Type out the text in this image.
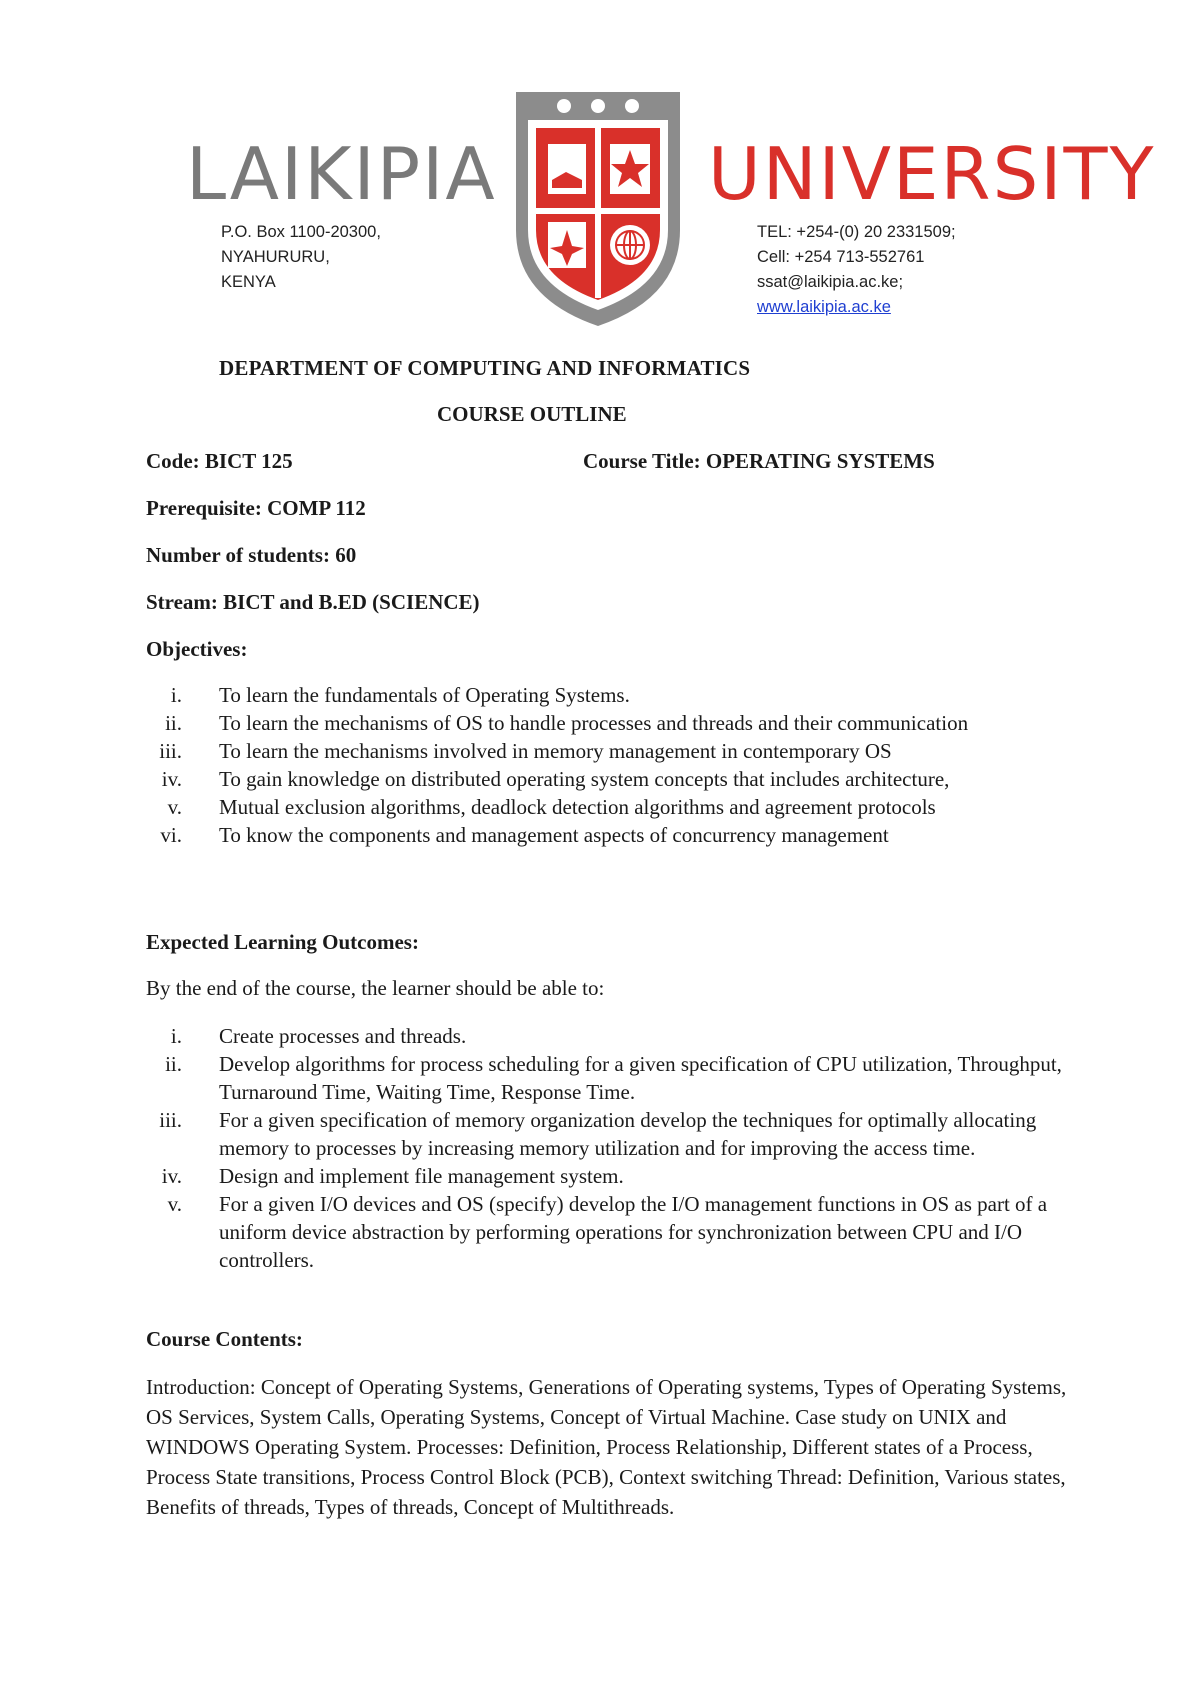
LAIKIPIA	UNIVERSITY
P.O. Box 1100-20300,
NYAHURURU,
KENYA
TEL: +254-(0) 20 2331509;
Cell: +254 713-552761
ssat@laikipia.ac.ke;
www.laikipia.ac.ke
DEPARTMENT OF COMPUTING AND INFORMATICS
COURSE OUTLINE
Code: BICT 125	Course Title: OPERATING SYSTEMS
Prerequisite: COMP 112
Number of students: 60
Stream: BICT and B.ED (SCIENCE)
Objectives:
i. To learn the fundamentals of Operating Systems.
ii. To learn the mechanisms of OS to handle processes and threads and their communication
iii. To learn the mechanisms involved in memory management in contemporary OS
iv. To gain knowledge on distributed operating system concepts that includes architecture,
v. Mutual exclusion algorithms, deadlock detection algorithms and agreement protocols
vi. To know the components and management aspects of concurrency management
Expected Learning Outcomes:
By the end of the course, the learner should be able to:
i. Create processes and threads.
ii. Develop algorithms for process scheduling for a given specification of CPU utilization, Throughput, Turnaround Time, Waiting Time, Response Time.
iii. For a given specification of memory organization develop the techniques for optimally allocating memory to processes by increasing memory utilization and for improving the access time.
iv. Design and implement file management system.
v. For a given I/O devices and OS (specify) develop the I/O management functions in OS as part of a uniform device abstraction by performing operations for synchronization between CPU and I/O controllers.
Course Contents:

Introduction: Concept of Operating Systems, Generations of Operating systems, Types of Operating Systems, OS Services, System Calls, Operating Systems, Concept of Virtual Machine. Case study on UNIX and WINDOWS Operating System. Processes: Definition, Process Relationship, Different states of a Process, Process State transitions, Process Control Block (PCB), Context switching Thread: Definition, Various states, Benefits of threads, Types of threads, Concept of Multithreads.
